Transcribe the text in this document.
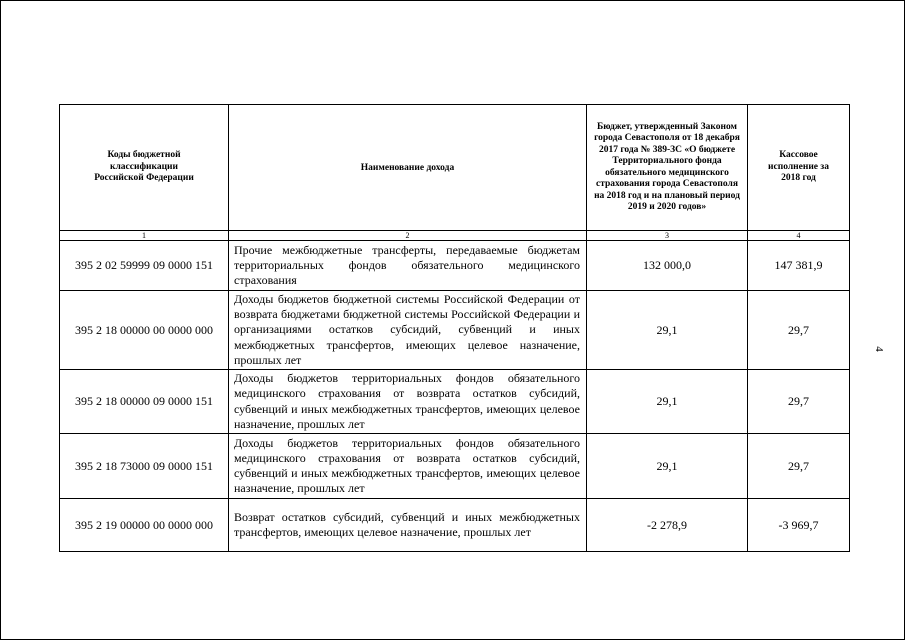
Коды бюджетной классификации Российской Федерации	Наименование дохода	Бюджет, утвержденный Законом города Севастополя от 18 декабря 2017 года № 389-ЗС «О бюджете Территориального фонда обязательного медицинского страхования города Севастополя на 2018 год и на плановый период 2019 и 2020 годов»	Кассовое исполнение за 2018 год
1	2	3	4
395 2 02 59999 09 0000 151	Прочие межбюджетные трансферты, передаваемые бюджетам территориальных фондов обязательного медицинского страхования	132 000,0	147 381,9
395 2 18 00000 00 0000 000	Доходы бюджетов бюджетной системы Российской Федерации от возврата бюджетами бюджетной системы Российской Федерации и организациями остатков субсидий, субвенций и иных межбюджетных трансфертов, имеющих целевое назначение, прошлых лет	29,1	29,7
395 2 18 00000 09 0000 151	Доходы бюджетов территориальных фондов обязательного медицинского страхования от возврата остатков субсидий, субвенций и иных межбюджетных трансфертов, имеющих целевое назначение, прошлых лет	29,1	29,7
395 2 18 73000 09 0000 151	Доходы бюджетов территориальных фондов обязательного медицинского страхования от возврата остатков субсидий, субвенций и иных межбюджетных трансфертов, имеющих целевое назначение, прошлых лет	29,1	29,7
395 2 19 00000 00 0000 000	Возврат остатков субсидий, субвенций и иных межбюджетных трансфертов, имеющих целевое назначение, прошлых лет	-2 278,9	-3 969,7
4
